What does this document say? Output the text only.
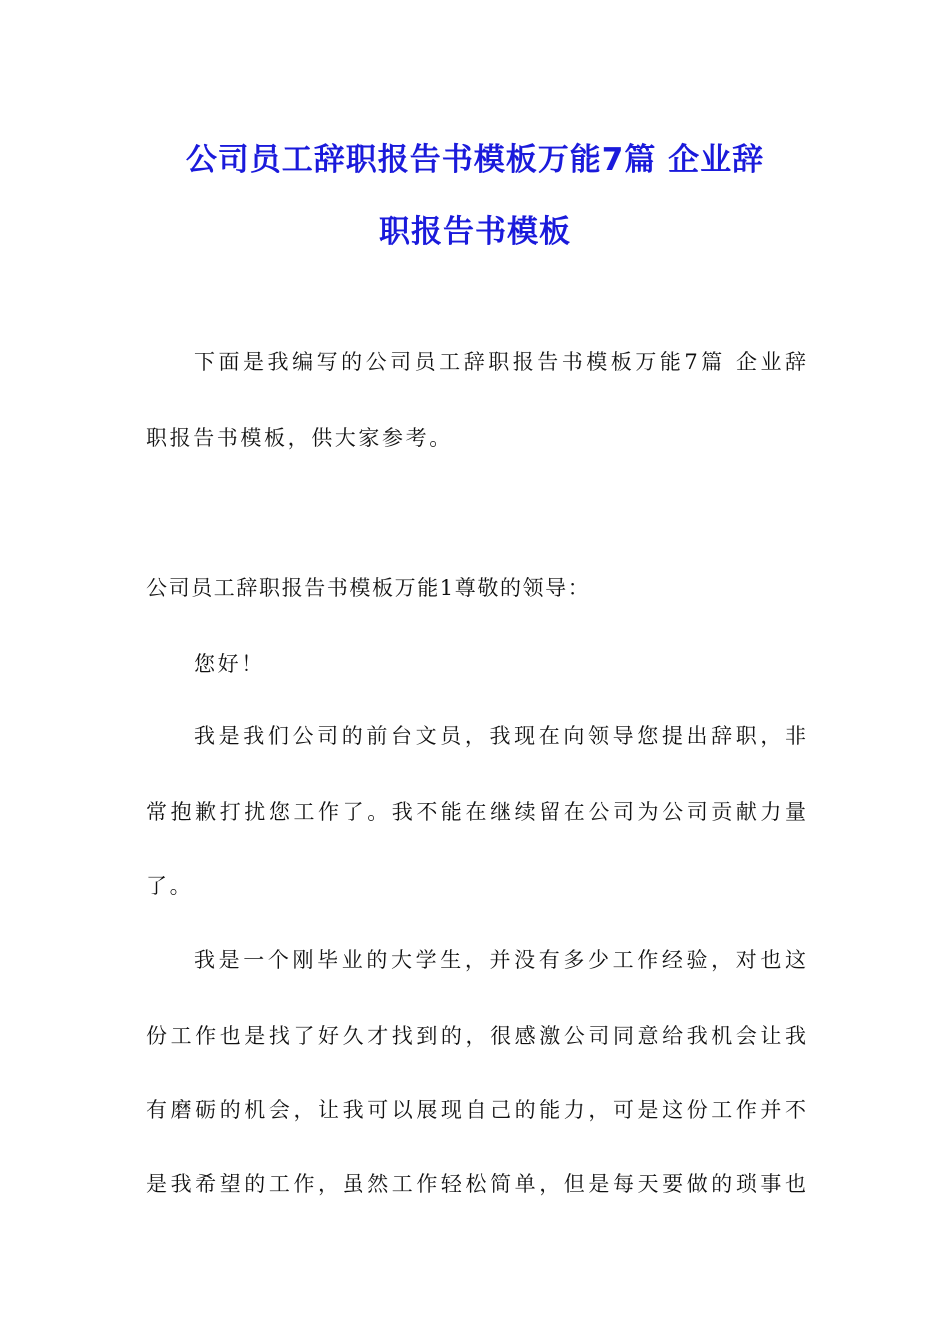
公司员工辞职报告书模板万能7篇 企业辞
职报告书模板
下面是我编写的公司员工辞职报告书模板万能7篇 企业辞
职报告书模板，供大家参考。
公司员工辞职报告书模板万能1尊敬的领导：
您好！
我是我们公司的前台文员，我现在向领导您提出辞职，非
常抱歉打扰您工作了。我不能在继续留在公司为公司贡献力量
了。
我是一个刚毕业的大学生，并没有多少工作经验，对也这
份工作也是找了好久才找到的，很感激公司同意给我机会让我
有磨砺的机会，让我可以展现自己的能力，可是这份工作并不
是我希望的工作，虽然工作轻松简单，但是每天要做的琐事也
